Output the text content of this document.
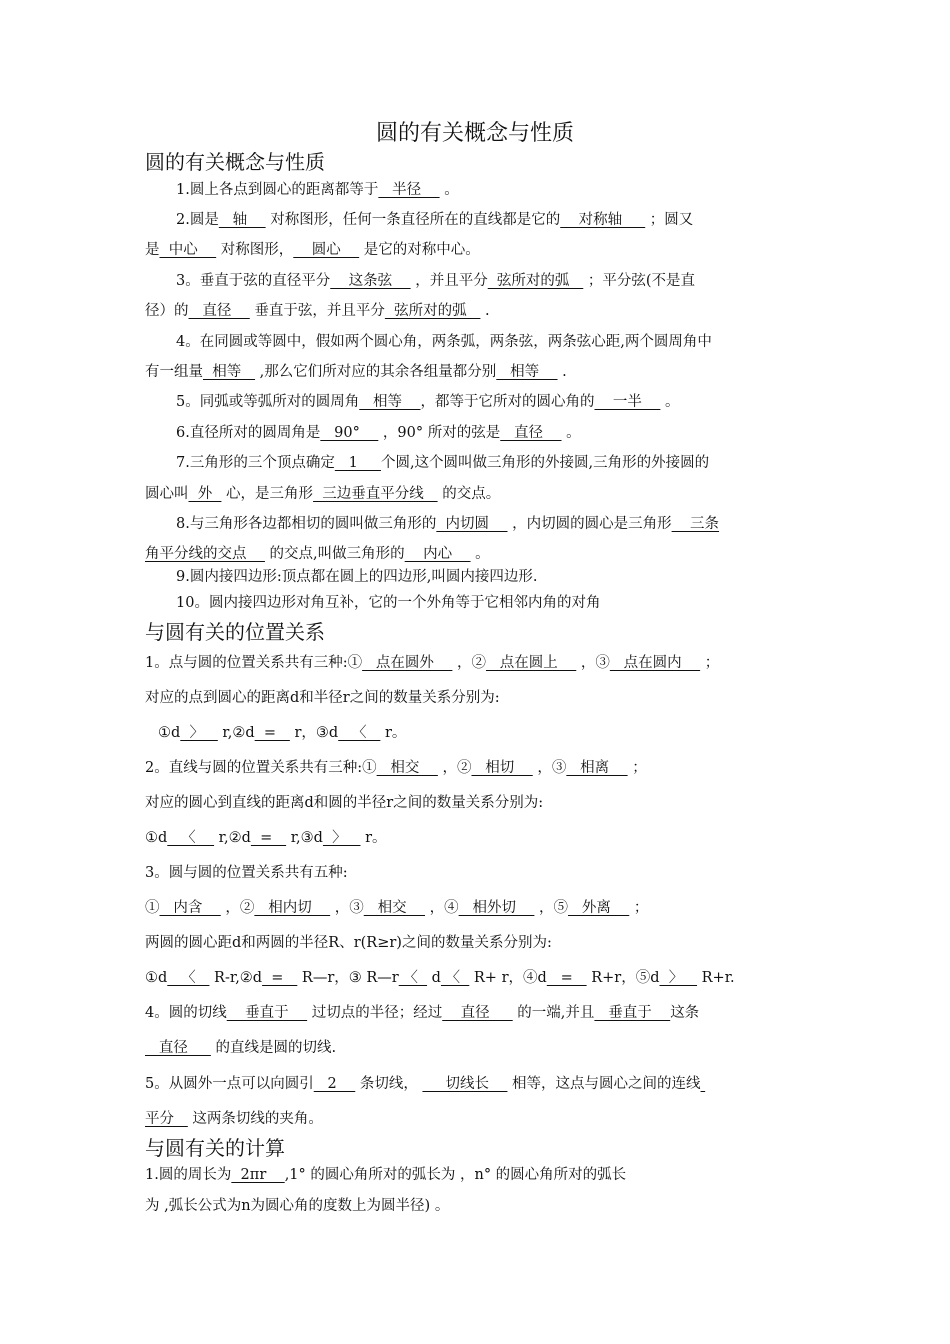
圆的有关概念与性质
圆的有关概念与性质
与圆有关的位置关系
与圆有关的计算
1.圆上各点到圆心的距离都等于   半径     。
2.圆是   轴     对称图形，任何一条直径所在的直线都是它的    对称轴      ；圆又
是  中心     对称图形，    圆心     是它的对称中心。
3。垂直于弦的直径平分    这条弦     ，并且平分  弦所对的弧    ；平分弦(不是直
径）的   直径     垂直于弦，并且平分  弦所对的弧    .
4。在同圆或等圆中，假如两个圆心角，两条弧，两条弦，两条弦心距,两个圆周角中
有一组量  相等    ,那么它们所对应的其余各组量都分别   相等     .
5。同弧或等弧所对的圆周角   相等    ，都等于它所对的圆心角的    一半     。
6.直径所对的圆周角是   90°     ，90° 所对的弦是   直径     。
7.三角形的三个顶点确定   1     个圆,这个圆叫做三角形的外接圆,三角形的外接圆的
圆心叫  外   心，是三角形  三边垂直平分线    的交点。
8.与三角形各边都相切的圆叫做三角形的  内切圆     ，内切圆的圆心是三角形    三条
角平分线的交点     的交点,叫做三角形的    内心     。
9.圆内接四边形:顶点都在圆上的四边形,叫圆内接四边形.
10。圆内接四边形对角互补，它的一个外角等于它相邻内角的对角
1。点与圆的位置关系共有三种:①   点在圆外     ，②   点在圆上     ，③   点在圆内     ；
对应的点到圆心的距离d和半径r之间的数量关系分别为:
①d  〉    r,②d  =    r，③d   〈    r。
2。直线与圆的位置关系共有三种:①   相交     ，②   相切     ，③   相离     ；
对应的圆心到直线的距离d和圆的半径r之间的数量关系分别为:
①d   〈     r,②d  =    r,③d  〉    r。
3。圆与圆的位置关系共有五种:
①   内含     ，②   相内切     ，③   相交     ，④   相外切     ，⑤   外离     ；
两圆的圆心距d和两圆的半径R、r(R≥r)之间的数量关系分别为:
①d   〈    R-r,②d  =    R—r，③ R—r 〈   d 〈   R+ r，④d   =    R+r，⑤d  〉    R+r.
4。圆的切线    垂直于     过切点的半径；经过    直径      的一端,并且   垂直于    这条
直径      的直线是圆的切线.
5。从圆外一点可以向圆引   2     条切线，      切线长     相等，这点与圆心之间的连线
平分    这两条切线的夹角。
1.圆的周长为  2πr    ,1° 的圆心角所对的弧长为 ，n° 的圆心角所对的弧长
为 ,弧长公式为n为圆心角的度数上为圆半径) 。
